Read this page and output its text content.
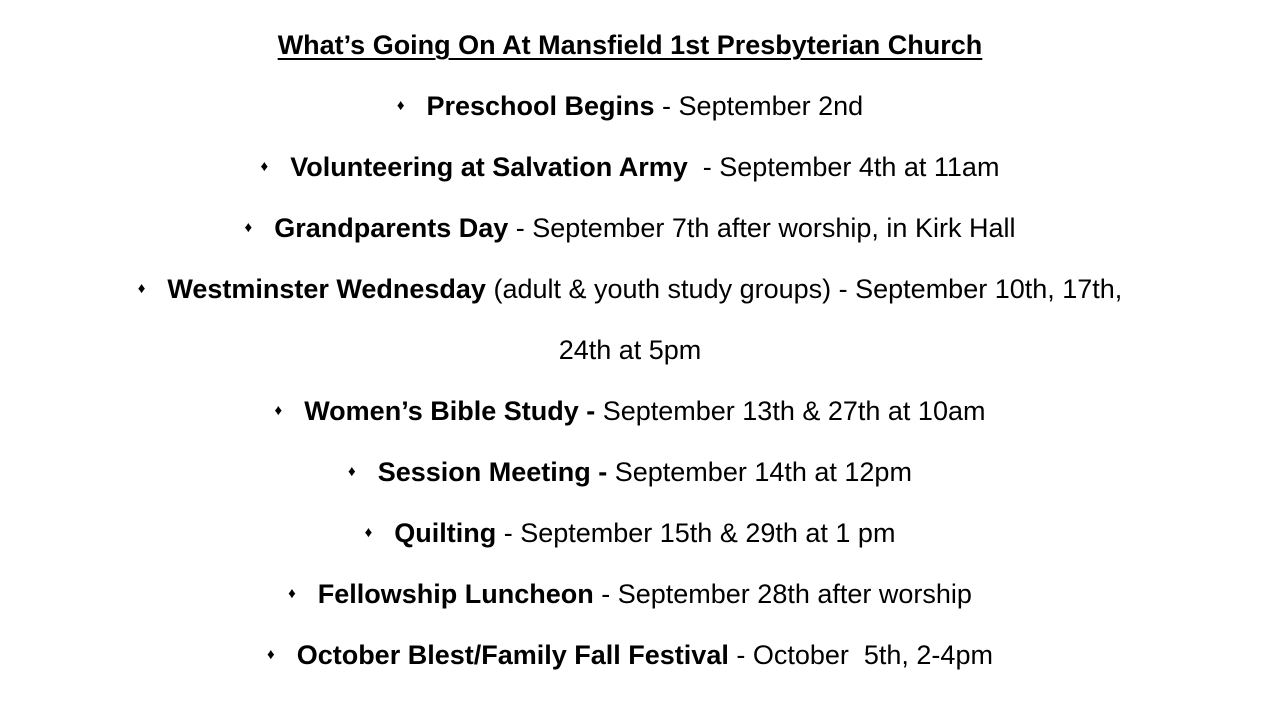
What’s Going On At Mansfield 1st Presbyterian Church
♦ Preschool Begins - September 2nd
♦ Volunteering at Salvation Army  - September 4th at 11am
♦ Grandparents Day - September 7th after worship, in Kirk Hall
♦ Westminster Wednesday (adult & youth study groups) - September 10th, 17th,
24th at 5pm
♦ Women’s Bible Study - September 13th & 27th at 10am
♦ Session Meeting - September 14th at 12pm
♦ Quilting - September 15th & 29th at 1 pm
♦ Fellowship Luncheon - September 28th after worship
♦ October Blest/Family Fall Festival - October  5th, 2-4pm
